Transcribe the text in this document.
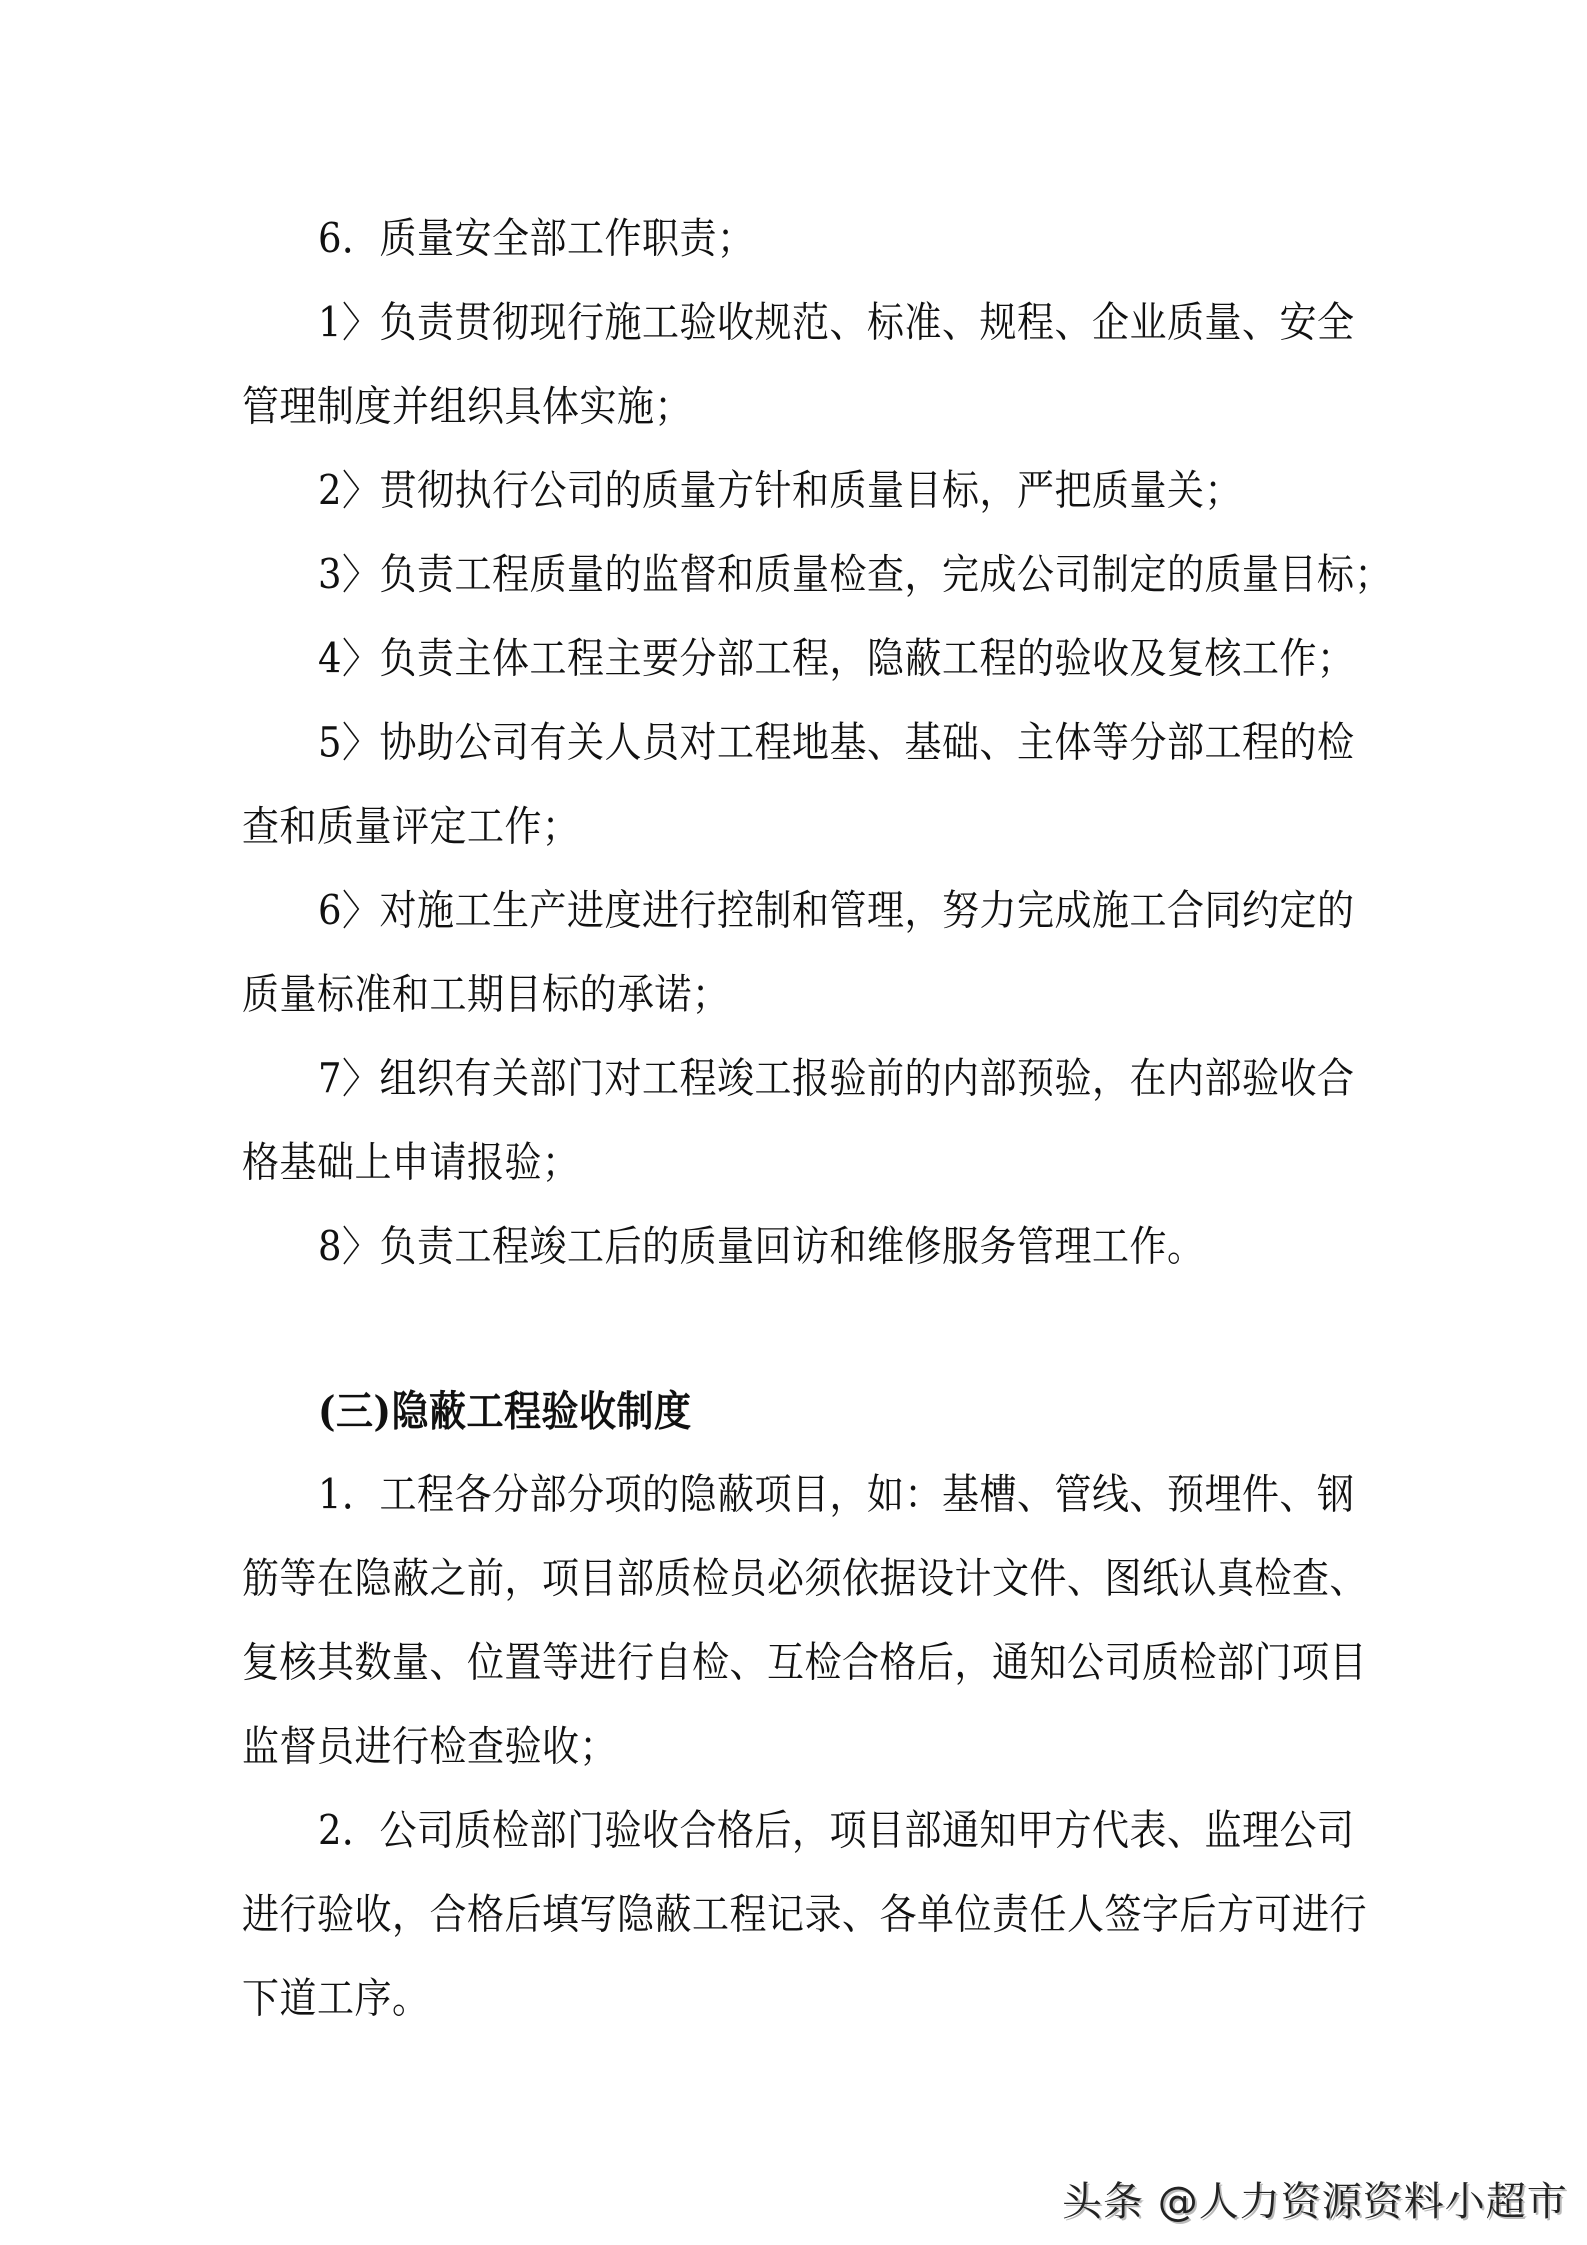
6．质量安全部工作职责；
1〉负责贯彻现行施工验收规范、标准、规程、企业质量、安全
管理制度并组织具体实施；
2〉贯彻执行公司的质量方针和质量目标，严把质量关；
3〉负责工程质量的监督和质量检查，完成公司制定的质量目标；
4〉负责主体工程主要分部工程，隐蔽工程的验收及复核工作；
5〉协助公司有关人员对工程地基、基础、主体等分部工程的检
查和质量评定工作；
6〉对施工生产进度进行控制和管理，努力完成施工合同约定的
质量标准和工期目标的承诺；
7〉组织有关部门对工程竣工报验前的内部预验，在内部验收合
格基础上申请报验；
8〉负责工程竣工后的质量回访和维修服务管理工作。
(三)隐蔽工程验收制度
1．工程各分部分项的隐蔽项目，如：基槽、管线、预埋件、钢
筋等在隐蔽之前，项目部质检员必须依据设计文件、图纸认真检查、
复核其数量、位置等进行自检、互检合格后，通知公司质检部门项目
监督员进行检查验收；
2．公司质检部门验收合格后，项目部通知甲方代表、监理公司
进行验收，合格后填写隐蔽工程记录、各单位责任人签字后方可进行
下道工序。
头条 @人力资源资料小超市
